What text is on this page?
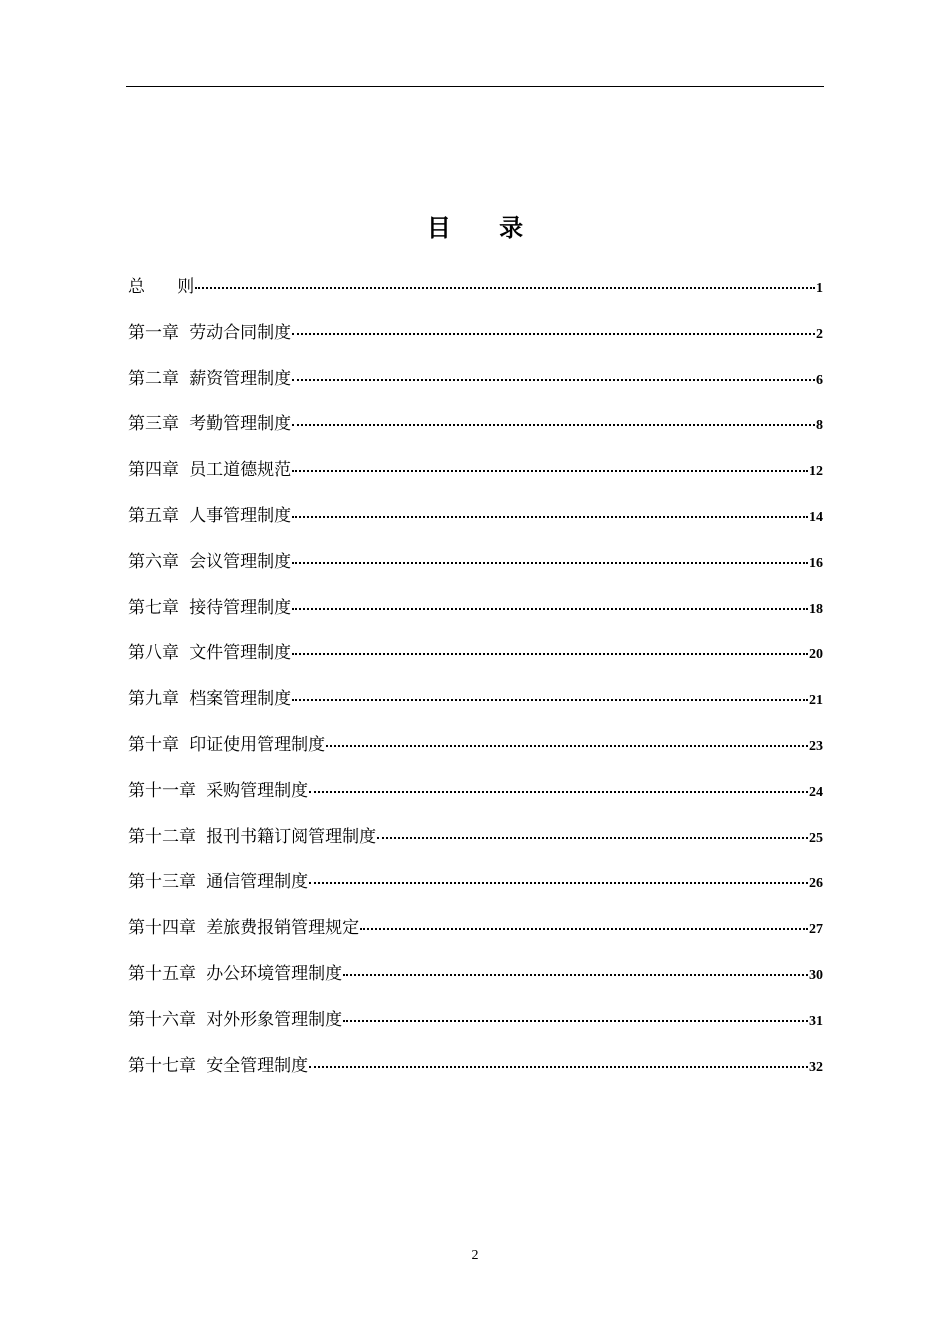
目 录
总 则	1
第一章 劳动合同制度	2
第二章 薪资管理制度	6
第三章 考勤管理制度	8
第四章 员工道德规范	12
第五章 人事管理制度	14
第六章 会议管理制度	16
第七章 接待管理制度	18
第八章 文件管理制度	20
第九章 档案管理制度	21
第十章 印证使用管理制度	23
第十一章 采购管理制度	24
第十二章 报刊书籍订阅管理制度	25
第十三章 通信管理制度	26
第十四章 差旅费报销管理规定	27
第十五章 办公环境管理制度	30
第十六章 对外形象管理制度	31
第十七章 安全管理制度	32
2
